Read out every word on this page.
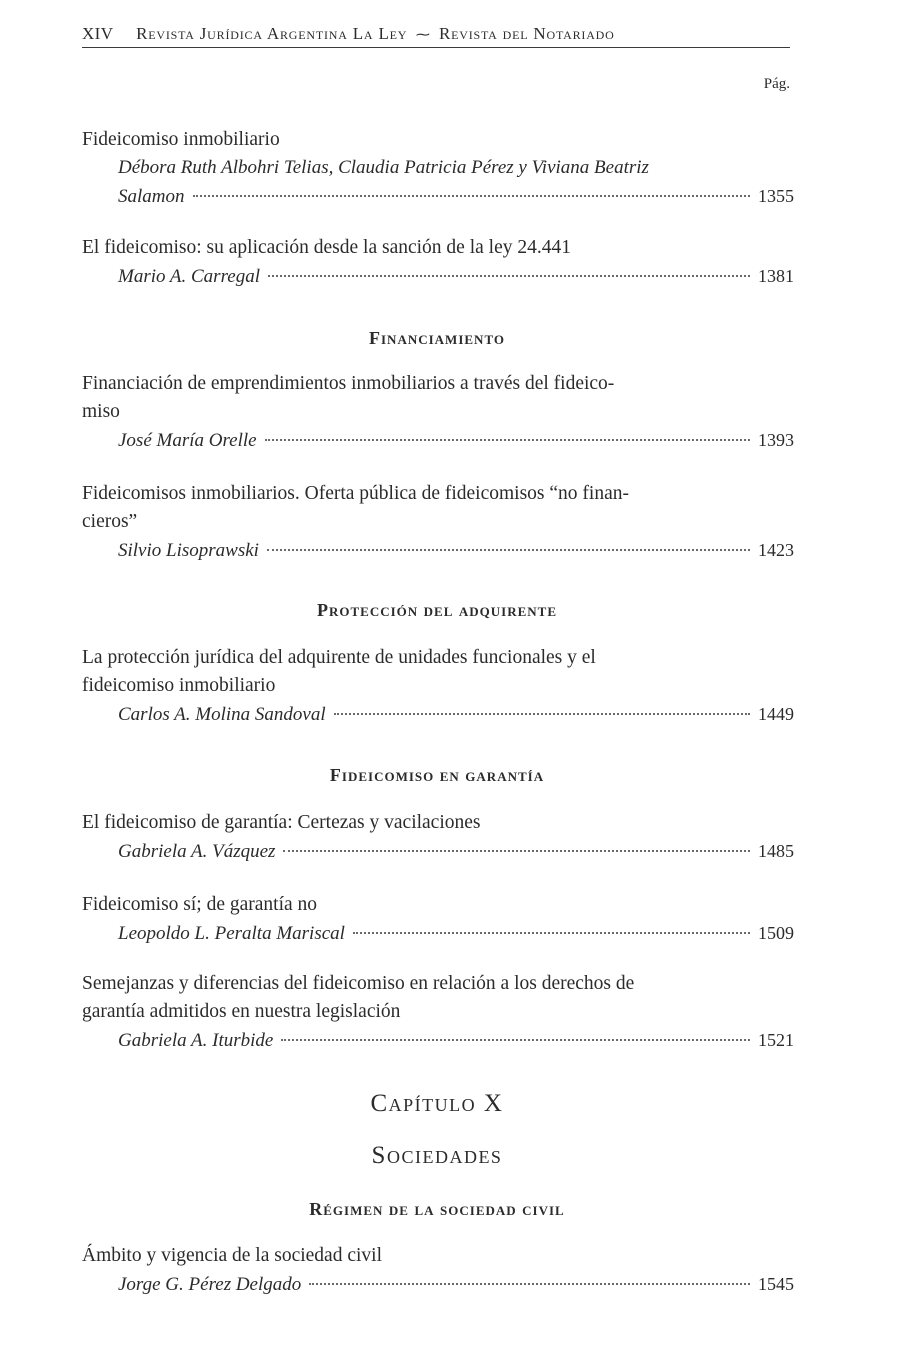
XIV Revista Jurídica Argentina La Ley ⁓ Revista del Notariado
Pág.
Fideicomiso inmobiliario
Débora Ruth Albohri Telias, Claudia Patricia Pérez y Viviana Beatriz
Salamon	1355
El fideicomiso: su aplicación desde la sanción de la ley 24.441
Mario A. Carregal	1381
Financiamiento
Financiación de emprendimientos inmobiliarios a través del fideico-
miso
José María Orelle	1393
Fideicomisos inmobiliarios. Oferta pública de fideicomisos “no finan-
cieros”
Silvio Lisoprawski	1423
Protección del adquirente
La protección jurídica del adquirente de unidades funcionales y el
fideicomiso inmobiliario
Carlos A. Molina Sandoval	1449
Fideicomiso en garantía
El fideicomiso de garantía: Certezas y vacilaciones
Gabriela A. Vázquez	1485
Fideicomiso sí; de garantía no
Leopoldo L. Peralta Mariscal	1509
Semejanzas y diferencias del fideicomiso en relación a los derechos de
garantía admitidos en nuestra legislación
Gabriela A. Iturbide	1521
Capítulo X
Sociedades
Régimen de la sociedad civil
Ámbito y vigencia de la sociedad civil
Jorge G. Pérez Delgado	1545
